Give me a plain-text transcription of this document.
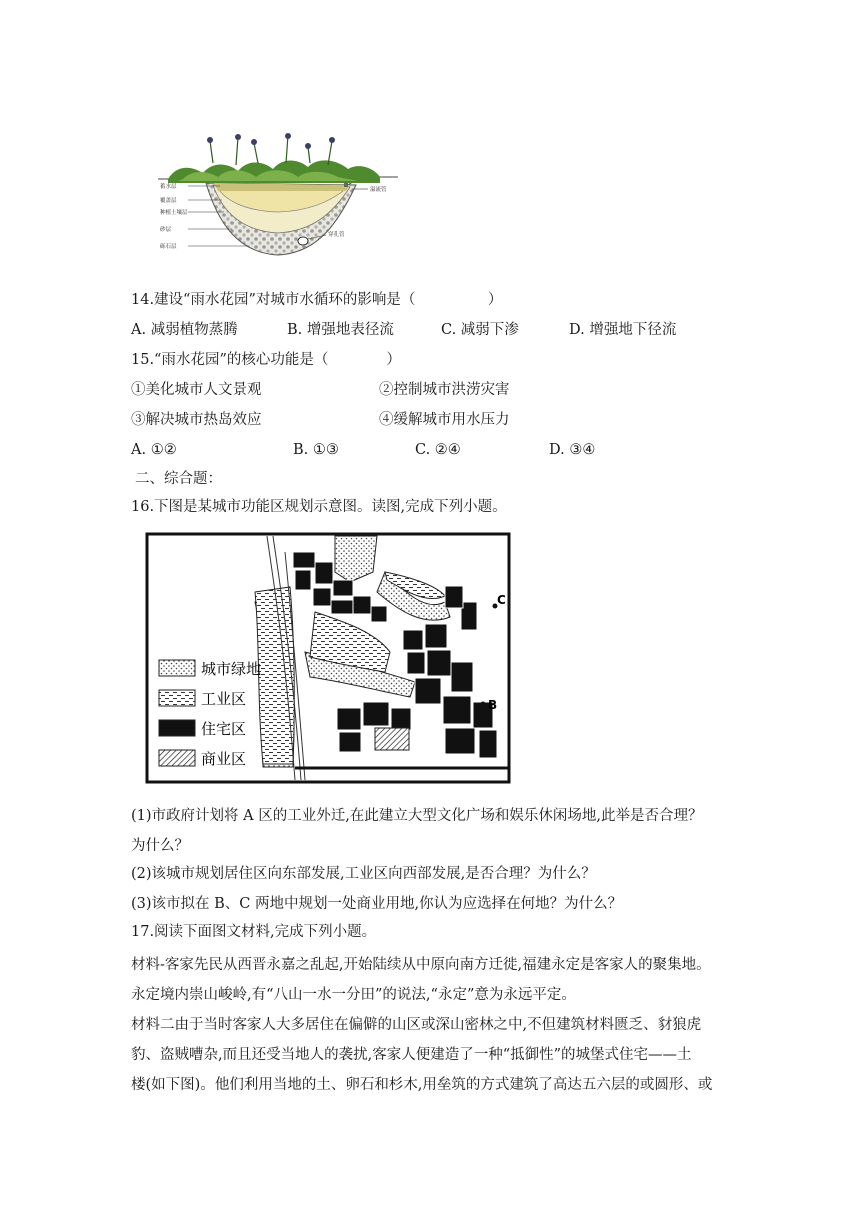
蓄水层
覆盖层
种植土壤层
砂层
砾石层
溢流管
穿孔管
14.建设“雨水花园”对城市水循环的影响是（　　　　　）
A. 减弱植物蒸腾	B. 增强地表径流	C. 减弱下渗	D. 增强地下径流
15.“雨水花园”的核心功能是（　　　　）
①美化城市人文景观	②控制城市洪涝灾害
③解决城市热岛效应	④缓解城市用水压力
A. ①②	B. ①③	C. ②④	D. ③④
二、综合题：
16.下图是某城市功能区规划示意图。读图,完成下列小题。
B
C
城市绿地
工业区
住宅区
商业区
(1)市政府计划将 A 区的工业外迁,在此建立大型文化广场和娱乐休闲场地,此举是否合理？
为什么？
(2)该城市规划居住区向东部发展,工业区向西部发展,是否合理？为什么？
(3)该市拟在 B、C 两地中规划一处商业用地,你认为应选择在何地？为什么？
17.阅读下面图文材料,完成下列小题。
材料-客家先民从西晋永嘉之乱起,开始陆续从中原向南方迁徙,福建永定是客家人的聚集地。
永定境内崇山峻岭,有“八山一水一分田”的说法,“永定”意为永远平定。
材料二由于当时客家人大多居住在偏僻的山区或深山密林之中,不但建筑材料匮乏、豺狼虎
豹、盗贼嘈杂,而且还受当地人的袭扰,客家人便建造了一种“抵御性”的城堡式住宅——土
楼(如下图)。他们利用当地的土、卵石和杉木,用垒筑的方式建筑了高达五六层的或圆形、或
